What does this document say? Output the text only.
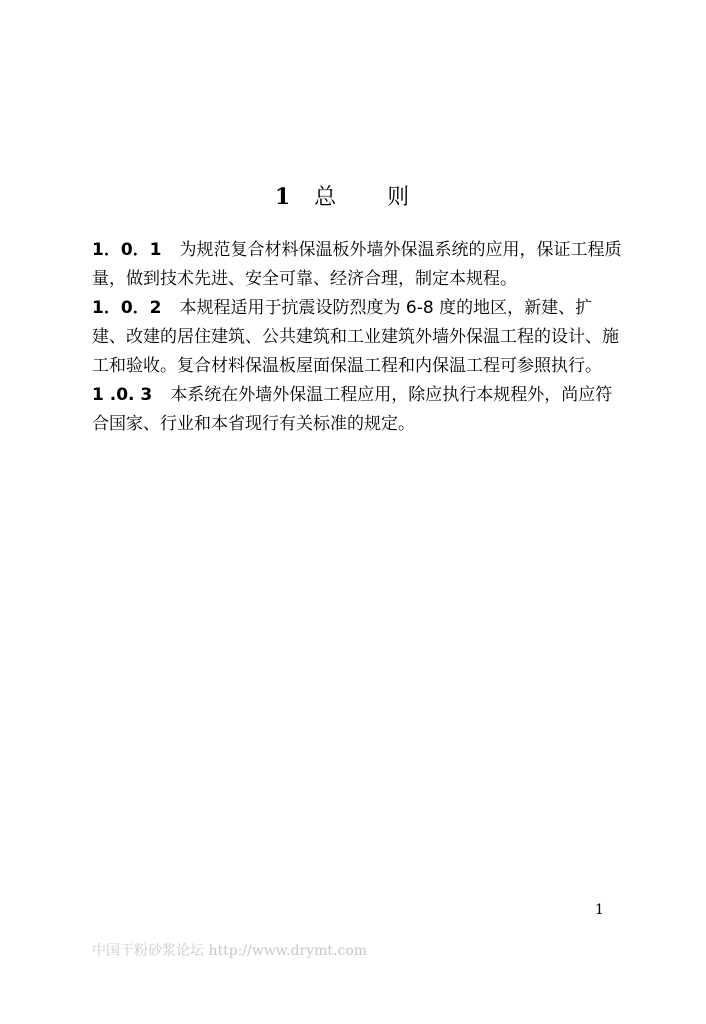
1 总 则

1．0．1 为规范复合材料保温板外墙外保温系统的应用，保证工程质量，做到技术先进、安全可靠、经济合理，制定本规程。

1．0．2 本规程适用于抗震设防烈度为 6-8 度的地区，新建、扩建、改建的居住建筑、公共建筑和工业建筑外墙外保温工程的设计、施工和验收。复合材料保温板屋面保温工程和内保温工程可参照执行。

1 .0. 3 本系统在外墙外保温工程应用，除应执行本规程外，尚应符合国家、行业和本省现行有关标准的规定。

1
中国干粉砂浆论坛 http://www.drymt.com
